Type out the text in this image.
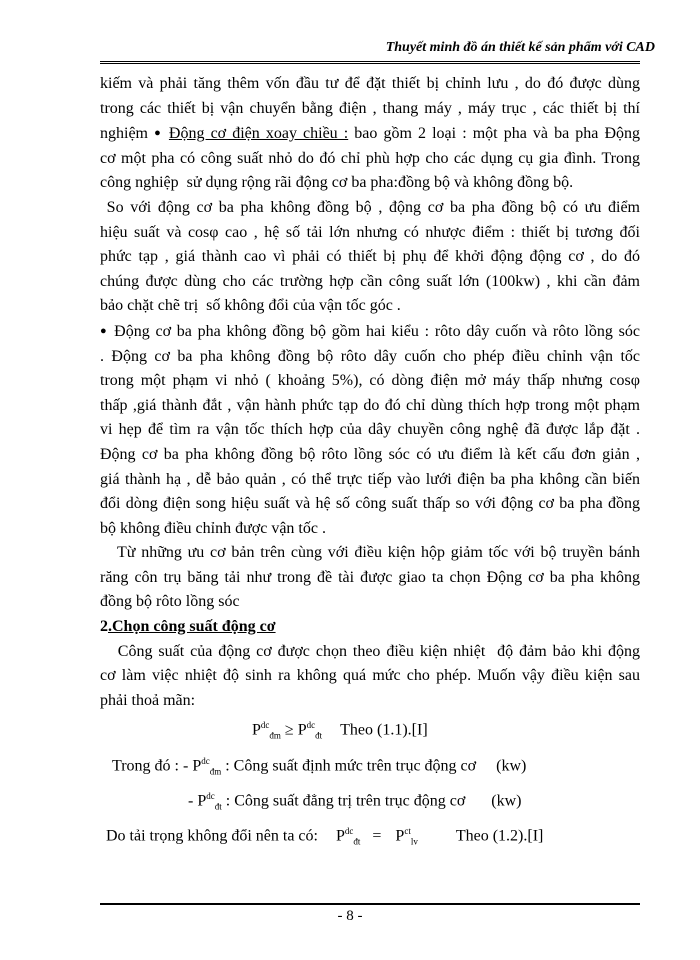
Thuyết minh đồ án thiết kế sản phẩm với CAD
kiếm và phải tăng thêm vốn đầu tư để đặt thiết bị chỉnh lưu , do đó được dùng
trong các thiết bị vận chuyển bằng điện , thang máy , máy trục , các thiết bị thí
nghiệm ● Động cơ điện xoay chiều : bao gồm 2 loại : một pha và ba pha Động
cơ một pha có công suất nhỏ do đó chỉ phù hợp cho các dụng cụ gia đình. Trong
công nghiệp  sử dụng rộng rãi động cơ ba pha:đồng bộ và không đồng bộ.
So với động cơ ba pha không đồng bộ , động cơ ba pha đồng bộ có ưu điểm
hiệu suất và cosφ cao , hệ số tải lớn nhưng có nhược điểm : thiết bị tương đối
phức tạp , giá thành cao vì phải có thiết bị phụ để khởi động động cơ , do đó
chúng được dùng cho các trường hợp cần công suất lớn (100kw) , khi cần đảm
bảo chặt chẽ trị  số không đổi của vận tốc góc .
● Động cơ ba pha không đồng bộ gồm hai kiểu : rôto dây cuốn và rôto lồng sóc
. Động cơ ba pha không đồng bộ rôto dây cuốn cho phép điều chỉnh vận tốc
trong một phạm vi nhỏ ( khoảng 5%), có dòng điện mở máy thấp nhưng cosφ
thấp ,giá thành đắt , vận hành phức tạp do đó chỉ dùng thích hợp trong một phạm
vi hẹp để tìm ra vận tốc thích hợp của dây chuyền công nghệ đã được lắp đặt .
Động cơ ba pha không đồng bộ rôto lồng sóc có ưu điểm là kết cấu đơn giản ,
giá thành hạ , dễ bảo quản , có thể trực tiếp vào lưới điện ba pha không cần biến
đổi dòng điện song hiệu suất và hệ số công suất thấp so với động cơ ba pha đồng
bộ không điều chỉnh được vận tốc .
Từ những ưu cơ bản trên cùng với điều kiện hộp giảm tốc với bộ truyền bánh
răng côn trụ băng tải như trong đề tài được giao ta chọn Động cơ ba pha không
đồng bộ rôto lồng sóc
2.Chọn công suất động cơ
Công suất của động cơ được chọn theo điều kiện nhiệt  độ đảm bảo khi động
cơ làm việc nhiệt độ sinh ra không quá mức cho phép. Muốn vậy điều kiện sau
phải thoả mãn:
$P^{dc}_{đm} \ge P^{dc}_{đt}$ Theo (1.1).[I]
Trong đó : - $P^{dc}_{đm}$ : Công suất định mức trên trục động cơ (kw)
- $P^{dc}_{đt}$ : Công suất đẳng trị trên trục động cơ (kw)
Do tải trọng không đổi nên ta có: $P^{dc}_{đt} = P^{ct}_{lv}$ Theo (1.2).[I]
- 8 -
